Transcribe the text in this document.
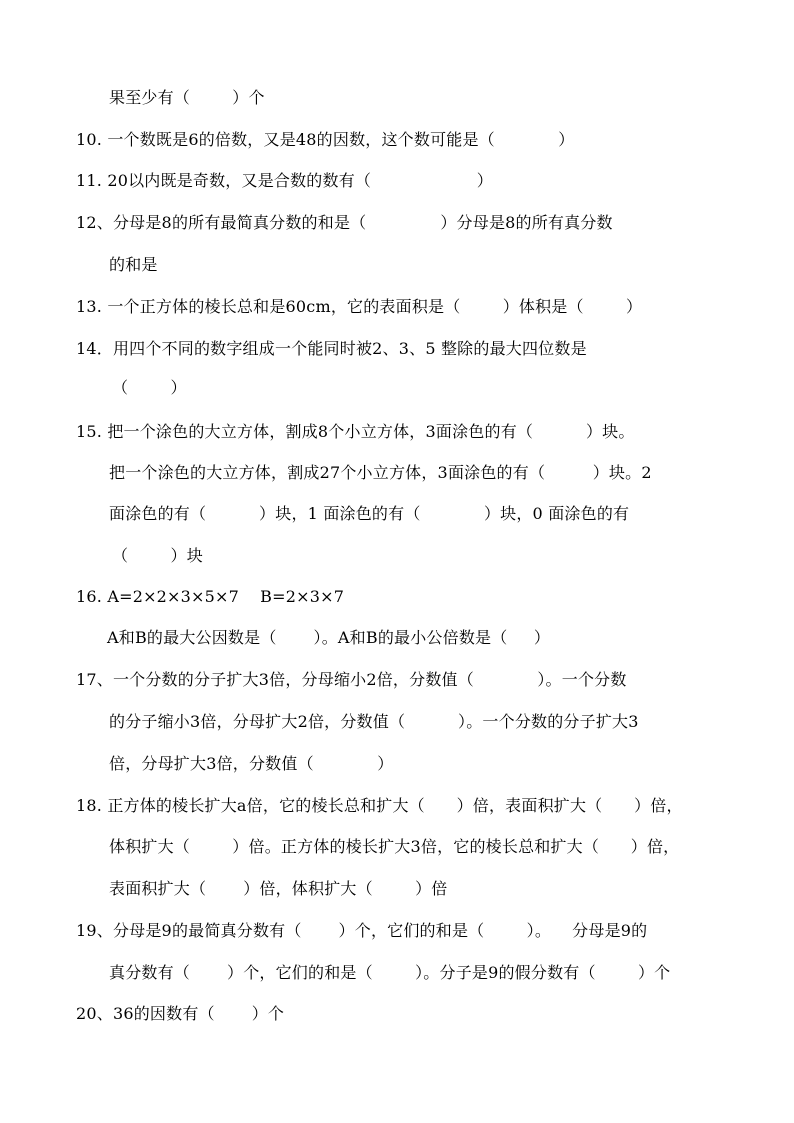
果至少有（        ）个
10. 一个数既是6的倍数，又是48的因数，这个数可能是（            ）
11. 20以内既是奇数，又是合数的数有（                    ）
12、分母是8的所有最简真分数的和是（              ）分母是8的所有真分数
的和是
13. 一个正方体的棱长总和是60cm，它的表面积是（        ）体积是（        ）
14．用四个不同的数字组成一个能同时被2、3、5 整除的最大四位数是
（        ）
15. 把一个涂色的大立方体，割成8个小立方体，3面涂色的有（          ）块。
把一个涂色的大立方体，割成27个小立方体，3面涂色的有（         ）块。2
面涂色的有（          ）块，1 面涂色的有（            ）块，0 面涂色的有
（        ）块
16. A=2×2×3×5×7    B=2×3×7
A和B的最大公因数是（       ）。A和B的最小公倍数是（     ）
17、一个分数的分子扩大3倍，分母缩小2倍，分数值（            ）。一个分数
的分子缩小3倍，分母扩大2倍，分数值（          ）。一个分数的分子扩大3
倍，分母扩大3倍，分数值（            ）
18. 正方体的棱长扩大a倍，它的棱长总和扩大（      ）倍，表面积扩大（      ）倍，
体积扩大（        ）倍。正方体的棱长扩大3倍，它的棱长总和扩大（      ）倍，
表面积扩大（       ）倍，体积扩大（        ）倍
19、分母是9的最简真分数有（       ）个，它们的和是（        ）。    分母是9的
真分数有（       ）个，它们的和是（        ）。分子是9的假分数有（        ）个
20、36的因数有（       ）个
